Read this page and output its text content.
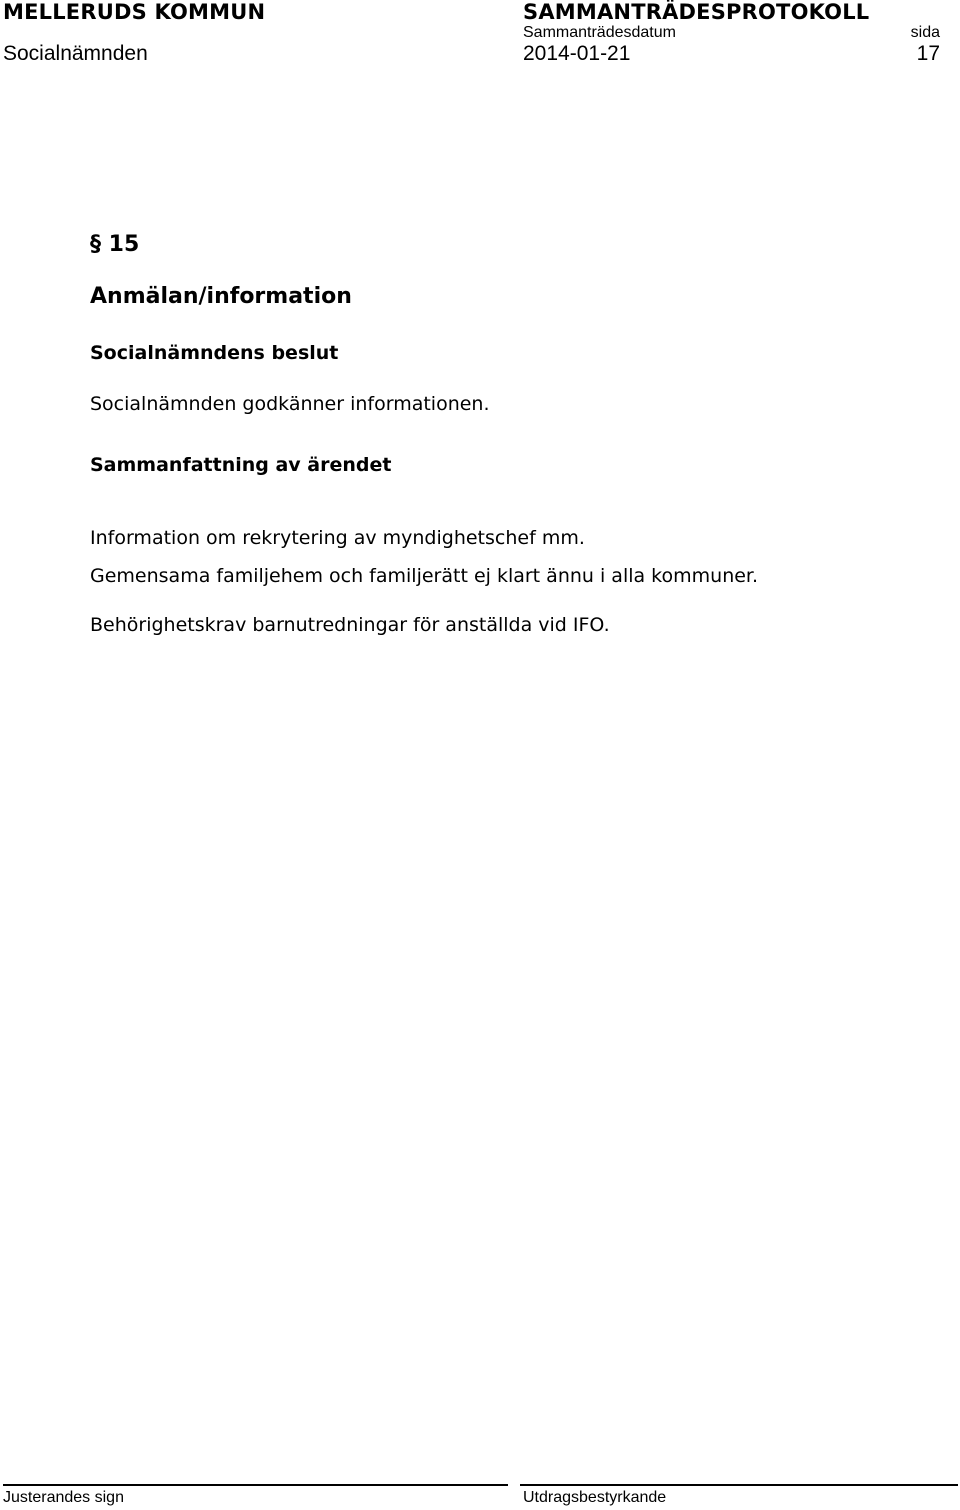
MELLERUDS KOMMUN
Socialnämnden
SAMMANTRÄDESPROTOKOLL
Sammanträdesdatum
2014-01-21
sida
17
§ 15
Anmälan/information
Socialnämndens beslut
Socialnämnden godkänner informationen.
Sammanfattning av ärendet
Information om rekrytering av myndighetschef mm.
Gemensama familjehem och familjerätt ej klart ännu i alla kommuner.
Behörighetskrav barnutredningar för anställda vid IFO.
Justerandes sign	Utdragsbestyrkande
